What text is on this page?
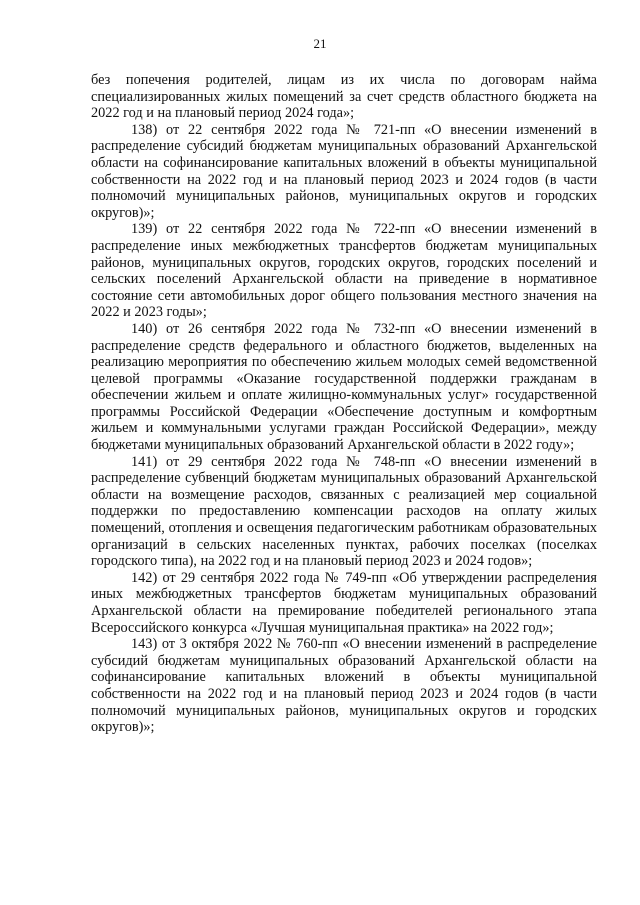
21

без попечения родителей, лицам из их числа по договорам найма специализированных жилых помещений за счет средств областного бюджета на 2022 год и на плановый период 2024 года»;

138) от 22 сентября 2022 года № 721-пп «О внесении изменений в распределение субсидий бюджетам муниципальных образований Архангельской области на софинансирование капитальных вложений в объекты муниципальной собственности на 2022 год и на плановый период 2023 и 2024 годов (в части полномочий муниципальных районов, муниципальных округов и городских округов)»;

139) от 22 сентября 2022 года № 722-пп «О внесении изменений в распределение иных межбюджетных трансфертов бюджетам муниципальных районов, муниципальных округов, городских округов, городских поселений и сельских поселений Архангельской области на приведение в нормативное состояние сети автомобильных дорог общего пользования местного значения на 2022 и 2023 годы»;

140) от 26 сентября 2022 года № 732-пп «О внесении изменений в распределение средств федерального и областного бюджетов, выделенных на реализацию мероприятия по обеспечению жильем молодых семей ведомственной целевой программы «Оказание государственной поддержки гражданам в обеспечении жильем и оплате жилищно-коммунальных услуг» государственной программы Российской Федерации «Обеспечение доступным и комфортным жильем и коммунальными услугами граждан Российской Федерации», между бюджетами муниципальных образований Архангельской области в 2022 году»;

141) от 29 сентября 2022 года № 748-пп «О внесении изменений в распределение субвенций бюджетам муниципальных образований Архангельской области на возмещение расходов, связанных с реализацией мер социальной поддержки по предоставлению компенсации расходов на оплату жилых помещений, отопления и освещения педагогическим работникам образовательных организаций в сельских населенных пунктах, рабочих поселках (поселках городского типа), на 2022 год и на плановый период 2023 и 2024 годов»;

142) от 29 сентября 2022 года № 749-пп «Об утверждении распределения иных межбюджетных трансфертов бюджетам муниципальных образований Архангельской области на премирование победителей регионального этапа Всероссийского конкурса «Лучшая муниципальная практика» на 2022 год»;

143) от 3 октября 2022 № 760-пп «О внесении изменений в распределение субсидий бюджетам муниципальных образований Архангельской области на софинансирование капитальных вложений в объекты муниципальной собственности на 2022 год и на плановый период 2023 и 2024 годов (в части полномочий муниципальных районов, муниципальных округов и городских округов)»;
